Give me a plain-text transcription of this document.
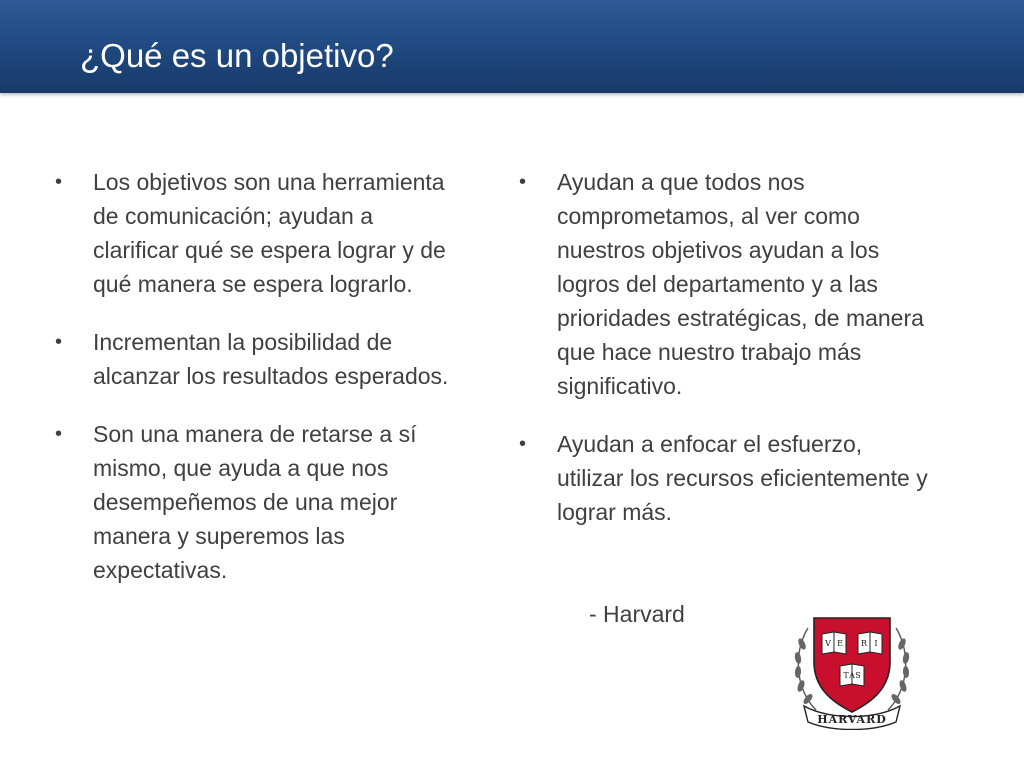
¿Qué es un objetivo?
•	Los objetivos son una herramienta de comunicación; ayudan a clarificar qué se espera lograr y de qué manera se espera lograrlo.
•	Incrementan la posibilidad de alcanzar los resultados esperados.
•	Son una manera de retarse a sí mismo, que ayuda a que nos desempeñemos de una mejor manera y superemos las expectativas.
•	Ayudan a que todos nos comprometamos, al ver como nuestros objetivos ayudan a los logros del departamento y a las prioridades estratégicas, de manera que hace nuestro trabajo más significativo.
•	Ayudan a enfocar el esfuerzo, utilizar los recursos eficientemente y lograr más.
- Harvard
V E R I
T A S
HARVARD
